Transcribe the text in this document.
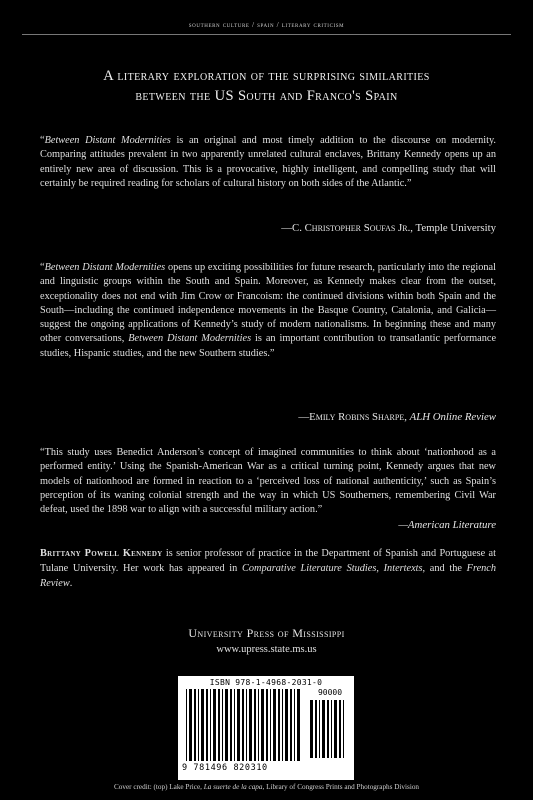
southern culture / spain / literary criticism
A literary exploration of the surprising similarities
between the US South and Franco's Spain
“Between Distant Modernities is an original and most timely addition to the discourse on modernity. Comparing attitudes prevalent in two apparently unrelated cultural enclaves, Brittany Kennedy opens up an entirely new area of discussion. This is a provocative, highly intelligent, and compelling study that will certainly be required reading for scholars of cultural history on both sides of the Atlantic.”
—C. Christopher Soufas Jr., Temple University
“Between Distant Modernities opens up exciting possibilities for future research, particularly into the regional and linguistic groups within the South and Spain. Moreover, as Kennedy makes clear from the outset, exceptionality does not end with Jim Crow or Francoism: the continued divisions within both Spain and the South—including the continued independence movements in the Basque Country, Catalonia, and Galicia—suggest the ongoing applications of Kennedy’s study of modern nationalisms. In beginning these and many other conversations, Between Distant Modernities is an important contribution to transatlantic performance studies, Hispanic studies, and the new Southern studies.”
—Emily Robins Sharpe, ALH Online Review
“This study uses Benedict Anderson’s concept of imagined communities to think about ‘nationhood as a performed entity.’ Using the Spanish-American War as a critical turning point, Kennedy argues that new models of nationhood are formed in reaction to a ‘perceived loss of national authenticity,’ such as Spain’s perception of its waning colonial strength and the way in which US Southerners, remembering Civil War defeat, used the 1898 war to align with a successful military action.”
—American Literature
Brittany Powell Kennedy is senior professor of practice in the Department of Spanish and Portuguese at Tulane University. Her work has appeared in Comparative Literature Studies, Intertexts, and the French Review.
University Press of Mississippi
www.upress.state.ms.us
ISBN 978-1-4968-2031-0
90000
9 781496 820310
Cover credit: (top) Lake Price, La suerte de la capa, Library of Congress Prints and Photographs Division
